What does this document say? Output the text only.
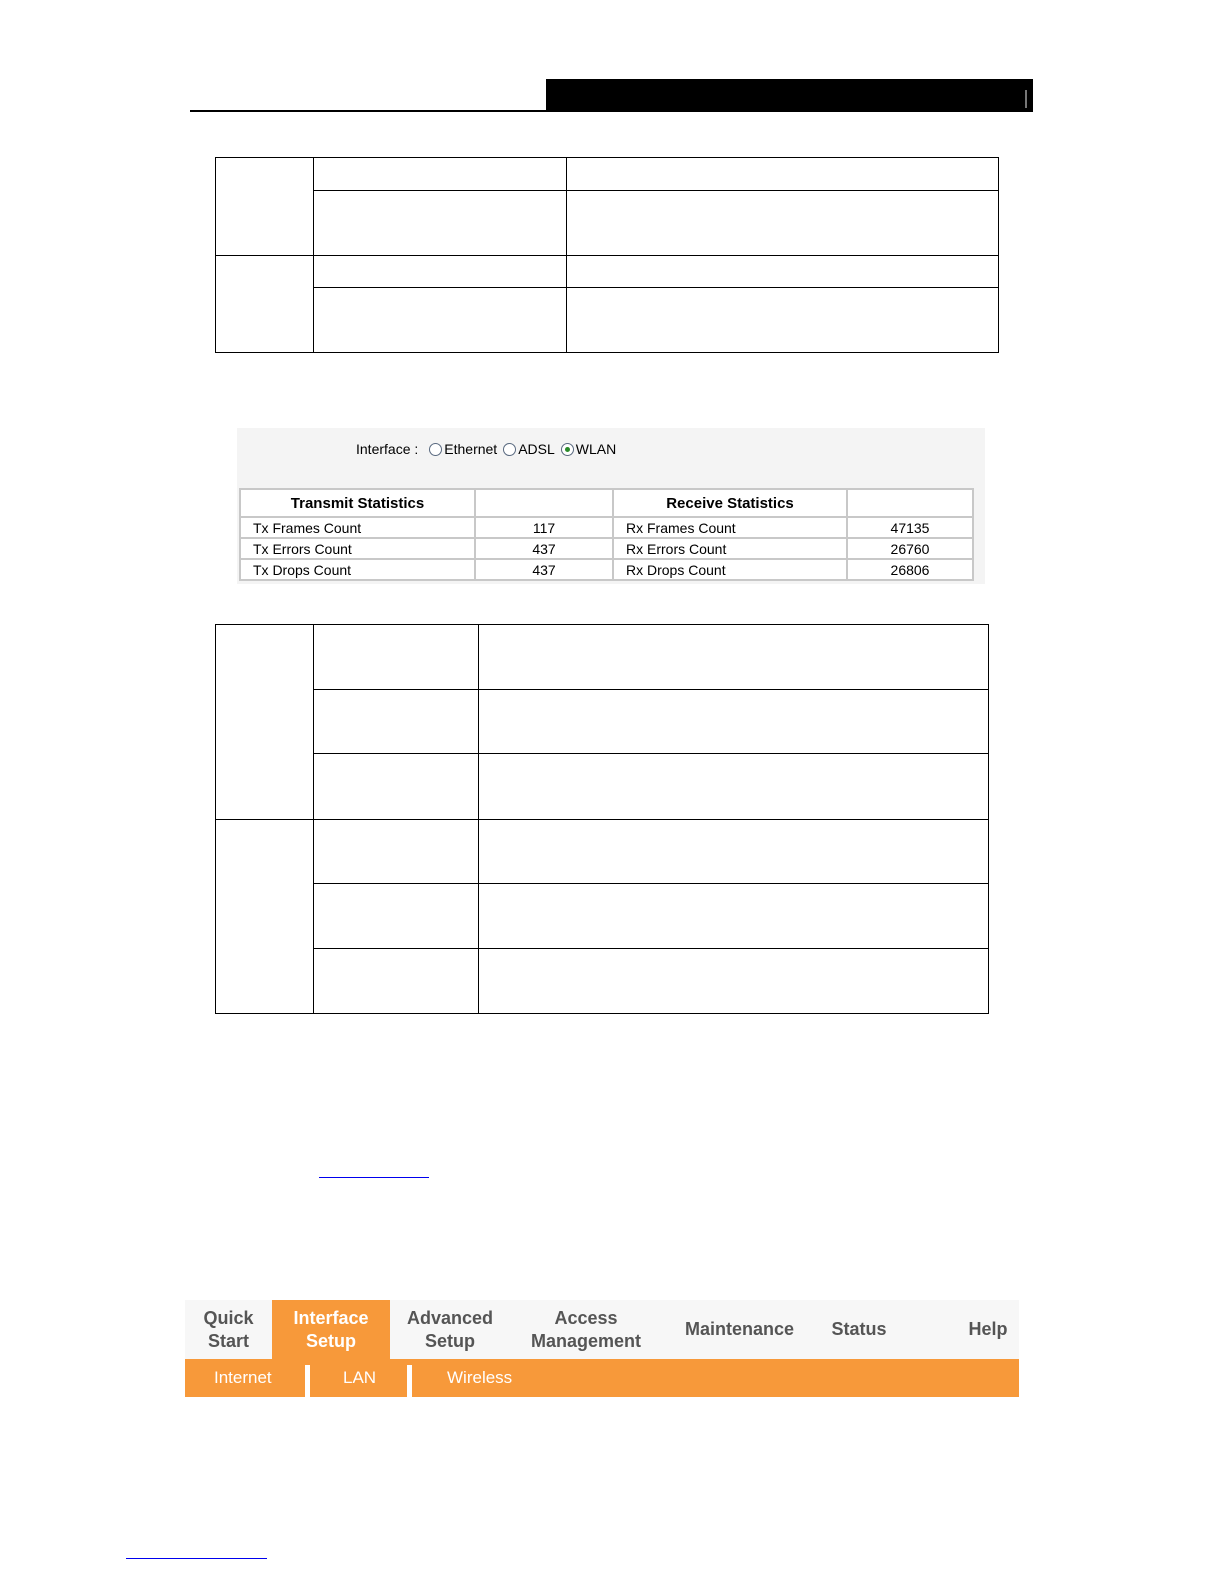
Interface : Ethernet ADSL WLAN
Transmit Statistics		Receive Statistics	
Tx Frames Count	117	Rx Frames Count	47135
Tx Errors Count	437	Rx Errors Count	26760
Tx Drops Count	437	Rx Drops Count	26806

Quick
Start
Interface
Setup
Advanced
Setup
Access
Management
Maintenance Status	Help
Internet	LAN	Wireless
